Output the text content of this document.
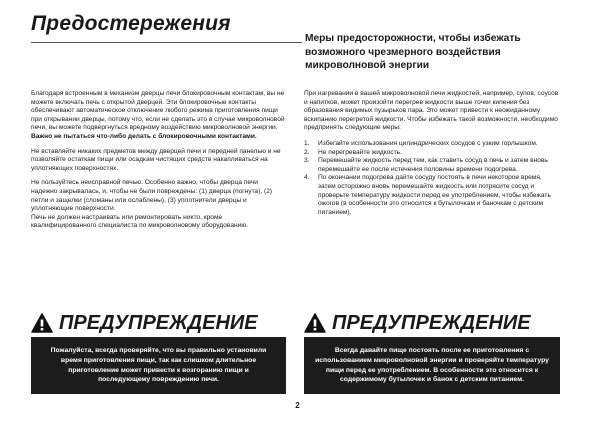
Предостережения
Меры предосторожности, чтобы избежать возможного чрезмерного воздействия микроволновой энергии

Благодаря встроенным в механизм дверцы печи блокировочным контактам, вы не можете включать печь с открытой дверцей. Эти блокировочные контакты обеспечивают автоматическое отключение любого режима приготовления пищи при открывании дверцы, потому что, если не сделать это в случае микроволновой печи, вы можете подвергнуться вредному воздействию микроволновой энергии.

Важно не пытаться что-либо делать с блокировочными контактами.

Не вставляйте никаких предметов между дверцей печи и передней панелью и не позволяйте остаткам пищи или осадкам чистящих средств накапливаться на уплотняющих поверхностях.

Не пользуйтесь неисправной печью. Особенно важно, чтобы дверца печи надежно закрывалась, и, чтобы не были повреждены: (1) дверца (погнута), (2) петли и защелки (сломаны или ослаблены), (3) уплотнители дверцы и уплотняющие поверхности.

Печь не должен настраивать или ремонтировать никто, кроме квалифицированного специалиста по микроволновому оборудованию.

При нагревании в вашей микроволновой печи жидкостей, например, супов, соусов и напитков, может произойти перегрев жидкости выше точки кипения без образования видимых пузырьков пара. Это может привести к неожиданному вскипанию перегретой жидкости. Чтобы избежать такой возможности, необходимо предпринять следующие меры:

1. Избегайте использования цилиндрических сосудов с узким горлышком.
2. Не перегревайте жидкость.
3. Перемешайте жидкость перед тем, как ставить сосуд в печь и затем вновь перемешайте ее после истечения половины времени подогрева.
4. По окончании подогрева дайте сосуду постоять в печи некоторое время, затем осторожно вновь перемешайте жидкость или потрясите сосуд и проверьте температуру жидкости перед ее употреблением, чтобы избежать ожогов (в особенности это относится к бутылочкам и баночкам с детским питанием).
ПРЕДУПРЕЖДЕНИЕ
Пожалуйста, всегда проверяйте, что вы правильно установили время приготовления пищи, так как слишком длительное приготовление может привести к возгоранию пищи и последующему повреждению печи.
ПРЕДУПРЕЖДЕНИЕ
Всегда давайте пище постоять после ее приготовления с использованием микроволновой энергии и проверяйте температуру пищи перед ее употреблением. В особенности это относится к содержимому бутылочек и банок с детским питанием.
2
